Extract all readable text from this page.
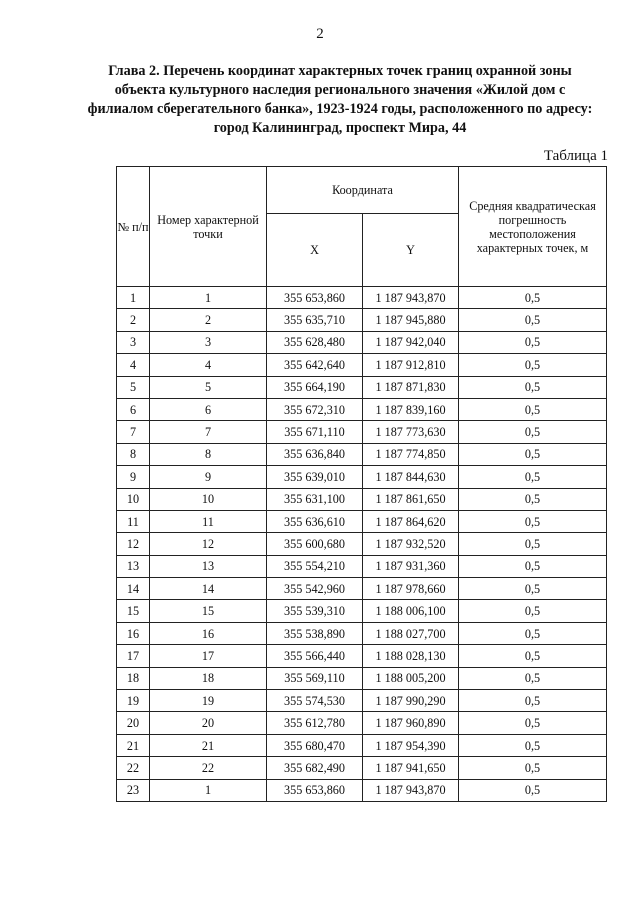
2
Глава 2. Перечень координат характерных точек границ охранной зоны объекта культурного наследия регионального значения «Жилой дом с филиалом сберегательного банка», 1923-1924 годы, расположенного по адресу: город Калининград, проспект Мира, 44
Таблица 1
№ п/п	Номер характерной точки	Координата		Средняя квадратическая погрешность местоположения характерных точек, м
		X	Y	
1	1	355 653,860	1 187 943,870	0,5
2	2	355 635,710	1 187 945,880	0,5
3	3	355 628,480	1 187 942,040	0,5
4	4	355 642,640	1 187 912,810	0,5
5	5	355 664,190	1 187 871,830	0,5
6	6	355 672,310	1 187 839,160	0,5
7	7	355 671,110	1 187 773,630	0,5
8	8	355 636,840	1 187 774,850	0,5
9	9	355 639,010	1 187 844,630	0,5
10	10	355 631,100	1 187 861,650	0,5
11	11	355 636,610	1 187 864,620	0,5
12	12	355 600,680	1 187 932,520	0,5
13	13	355 554,210	1 187 931,360	0,5
14	14	355 542,960	1 187 978,660	0,5
15	15	355 539,310	1 188 006,100	0,5
16	16	355 538,890	1 188 027,700	0,5
17	17	355 566,440	1 188 028,130	0,5
18	18	355 569,110	1 188 005,200	0,5
19	19	355 574,530	1 187 990,290	0,5
20	20	355 612,780	1 187 960,890	0,5
21	21	355 680,470	1 187 954,390	0,5
22	22	355 682,490	1 187 941,650	0,5
23	1	355 653,860	1 187 943,870	0,5
